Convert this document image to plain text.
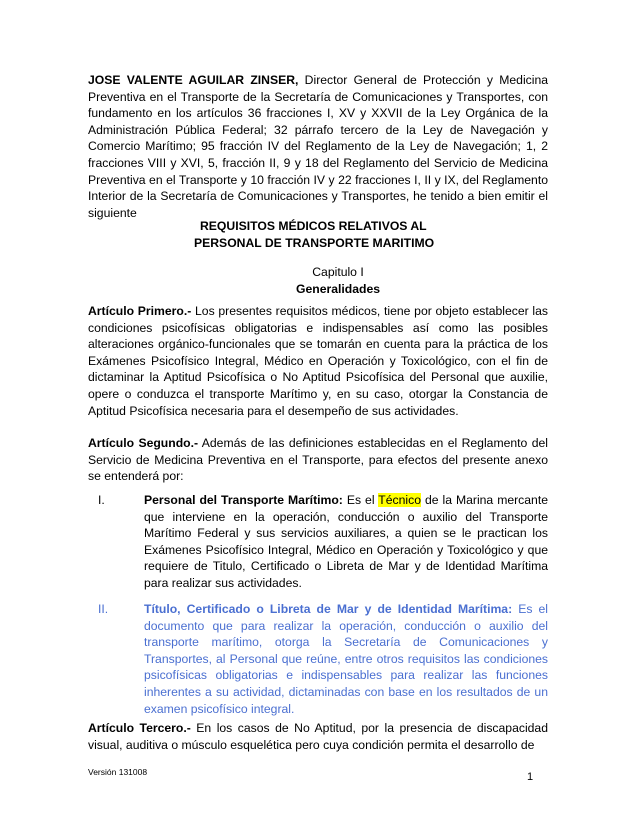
JOSE VALENTE AGUILAR ZINSER, Director General de Protección y Medicina Preventiva en el Transporte de la Secretaría de Comunicaciones y Transportes, con fundamento en los artículos 36 fracciones I, XV y XXVII de la Ley Orgánica de la Administración Pública Federal; 32 párrafo tercero de la Ley de Navegación y Comercio Marítimo; 95 fracción IV del Reglamento de la Ley de Navegación; 1, 2 fracciones VIII y XVI, 5, fracción II, 9 y 18 del Reglamento del Servicio de Medicina Preventiva en el Transporte y 10 fracción IV y 22 fracciones I, II y IX, del Reglamento Interior de la Secretaría de Comunicaciones y Transportes, he tenido a bien emitir el siguiente
REQUISITOS MÉDICOS RELATIVOS AL
PERSONAL DE TRANSPORTE MARITIMO
Capitulo I
Generalidades
Artículo Primero.- Los presentes requisitos médicos, tiene por objeto establecer las condiciones psicofísicas obligatorias e indispensables así como las posibles alteraciones orgánico-funcionales que se tomarán en cuenta para la práctica de los Exámenes Psicofísico Integral, Médico en Operación y Toxicológico, con el fin de dictaminar la Aptitud Psicofísica o No Aptitud Psicofísica del Personal que auxilie, opere o conduzca el transporte Marítimo y, en su caso, otorgar la Constancia de Aptitud Psicofísica necesaria para el desempeño de sus actividades.
Artículo Segundo.- Además de las definiciones establecidas en el Reglamento del Servicio de Medicina Preventiva en el Transporte, para efectos del presente anexo se entenderá por:
I.	Personal del Transporte Marítimo: Es el Técnico de la Marina mercante que interviene en la operación, conducción o auxilio del Transporte Marítimo Federal y sus servicios auxiliares, a quien se le practican los Exámenes Psicofísico Integral, Médico en Operación y Toxicológico y que requiere de Titulo, Certificado o Libreta de Mar y de Identidad Marítima para realizar sus actividades.
II.	Título, Certificado o Libreta de Mar y de Identidad Marítima: Es el documento que para realizar la operación, conducción o auxilio del transporte marítimo, otorga la Secretaría de Comunicaciones y Transportes, al Personal que reúne, entre otros requisitos las condiciones psicofísicas obligatorias e indispensables para realizar las funciones inherentes a su actividad, dictaminadas con base en los resultados de un examen psicofísico integral.
Artículo Tercero.- En los casos de No Aptitud, por la presencia de discapacidad visual, auditiva o músculo esquelética pero cuya condición permita el desarrollo de
Versión 131008	1
